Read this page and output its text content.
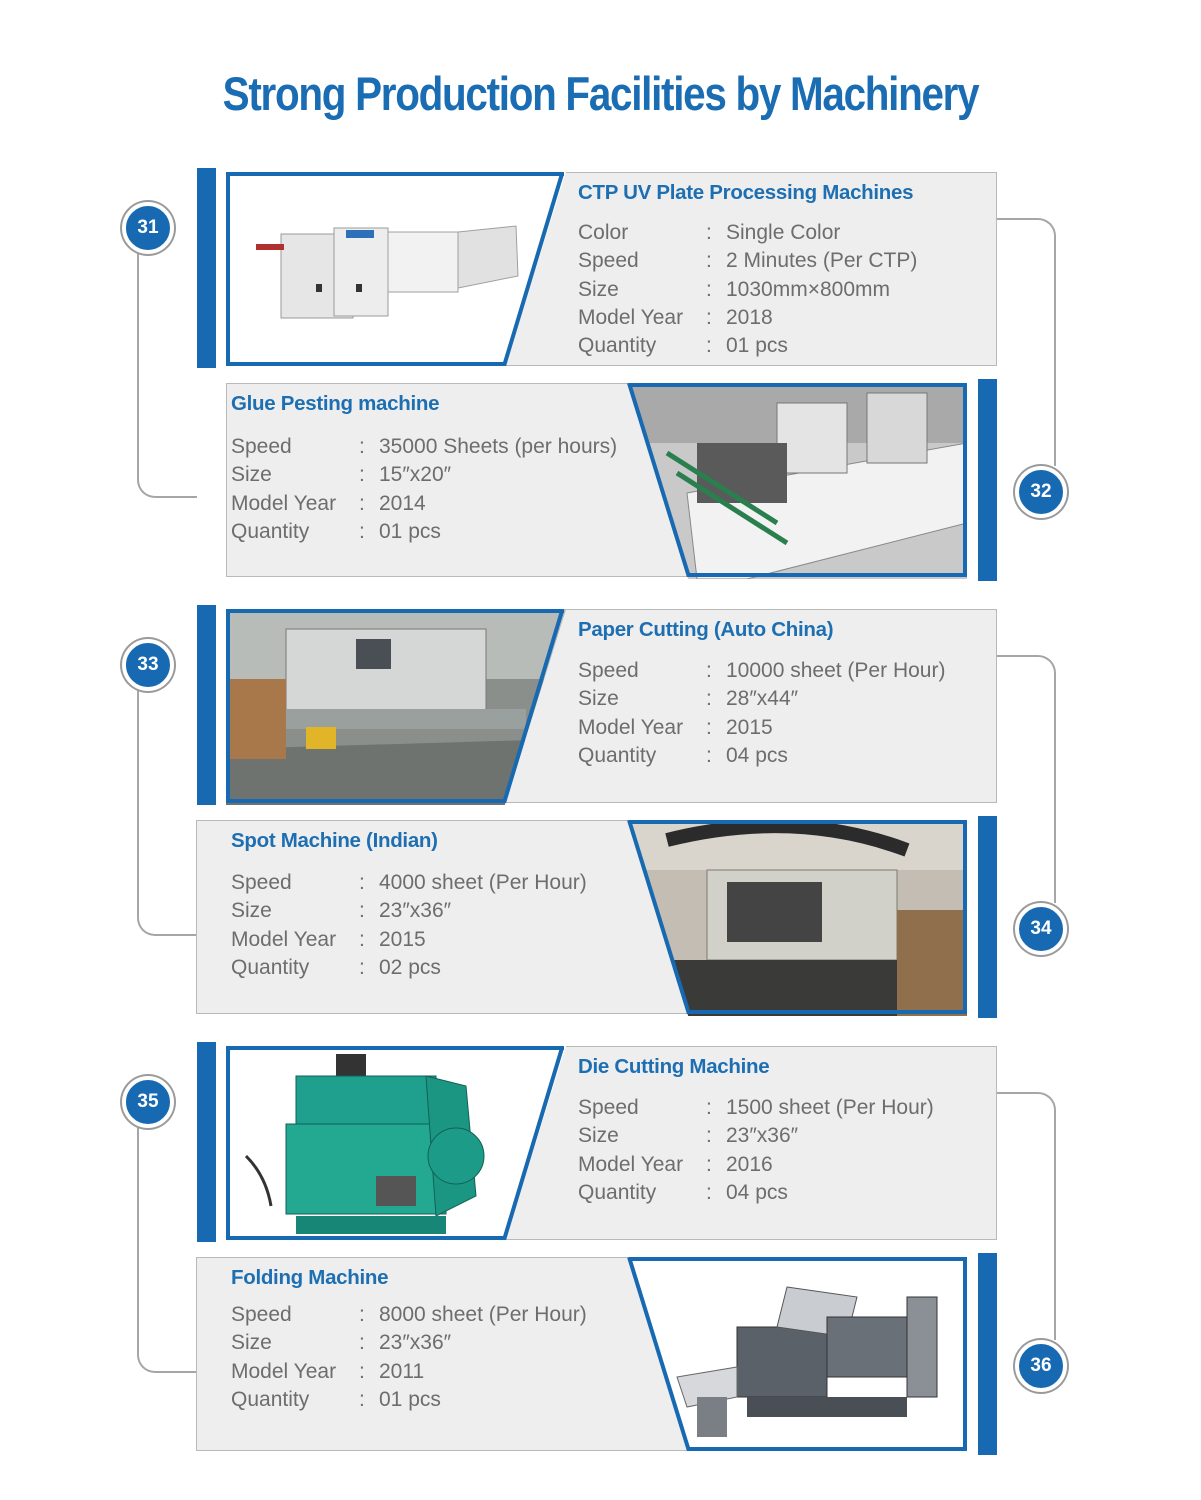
Strong Production Facilities by Machinery
CTP UV Plate Processing Machines
Color	: Single Color
Speed	: 2 Minutes (Per CTP)
Size	: 1030mm×800mm
Model Year	: 2018
Quantity	: 01 pcs
31
Glue Pesting machine
Speed	: 35000 Sheets (per hours)
Size	: 15″x20″
Model Year	: 2014
Quantity	: 01 pcs
32
Paper Cutting (Auto China)
Speed	: 10000 sheet (Per Hour)
Size	: 28″x44″
Model Year	: 2015
Quantity	: 04 pcs
33
Spot Machine (Indian)
Speed	: 4000 sheet (Per Hour)
Size	: 23″x36″
Model Year	: 2015
Quantity	: 02 pcs
34
Die Cutting Machine
Speed	: 1500 sheet (Per Hour)
Size	: 23″x36″
Model Year	: 2016
Quantity	: 04 pcs
35
Folding Machine
Speed	: 8000 sheet (Per Hour)
Size	: 23″x36″
Model Year	: 2011
Quantity	: 01 pcs
36
